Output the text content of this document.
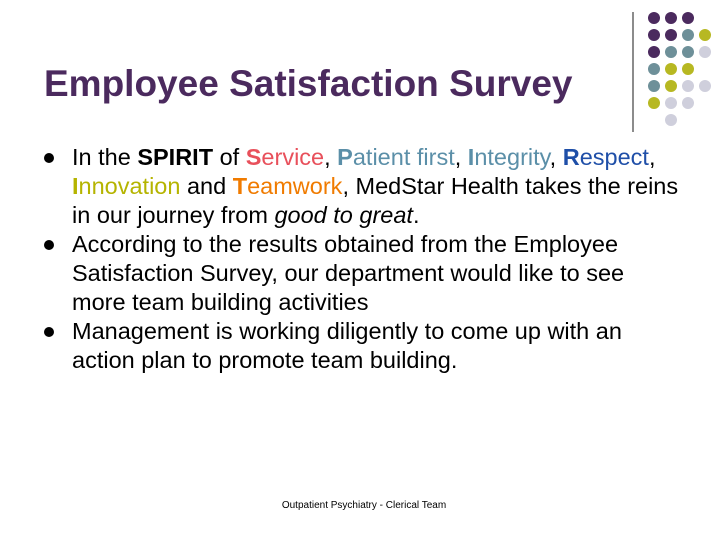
Employee Satisfaction Survey
In the SPIRIT of Service, Patient first, Integrity, Respect, Innovation and Teamwork, MedStar Health takes the reins in our journey from good to great.
According to the results obtained from the Employee Satisfaction Survey, our department would like to see more team building activities
Management is working diligently to come up with an action plan to promote team building.
Outpatient Psychiatry - Clerical Team
